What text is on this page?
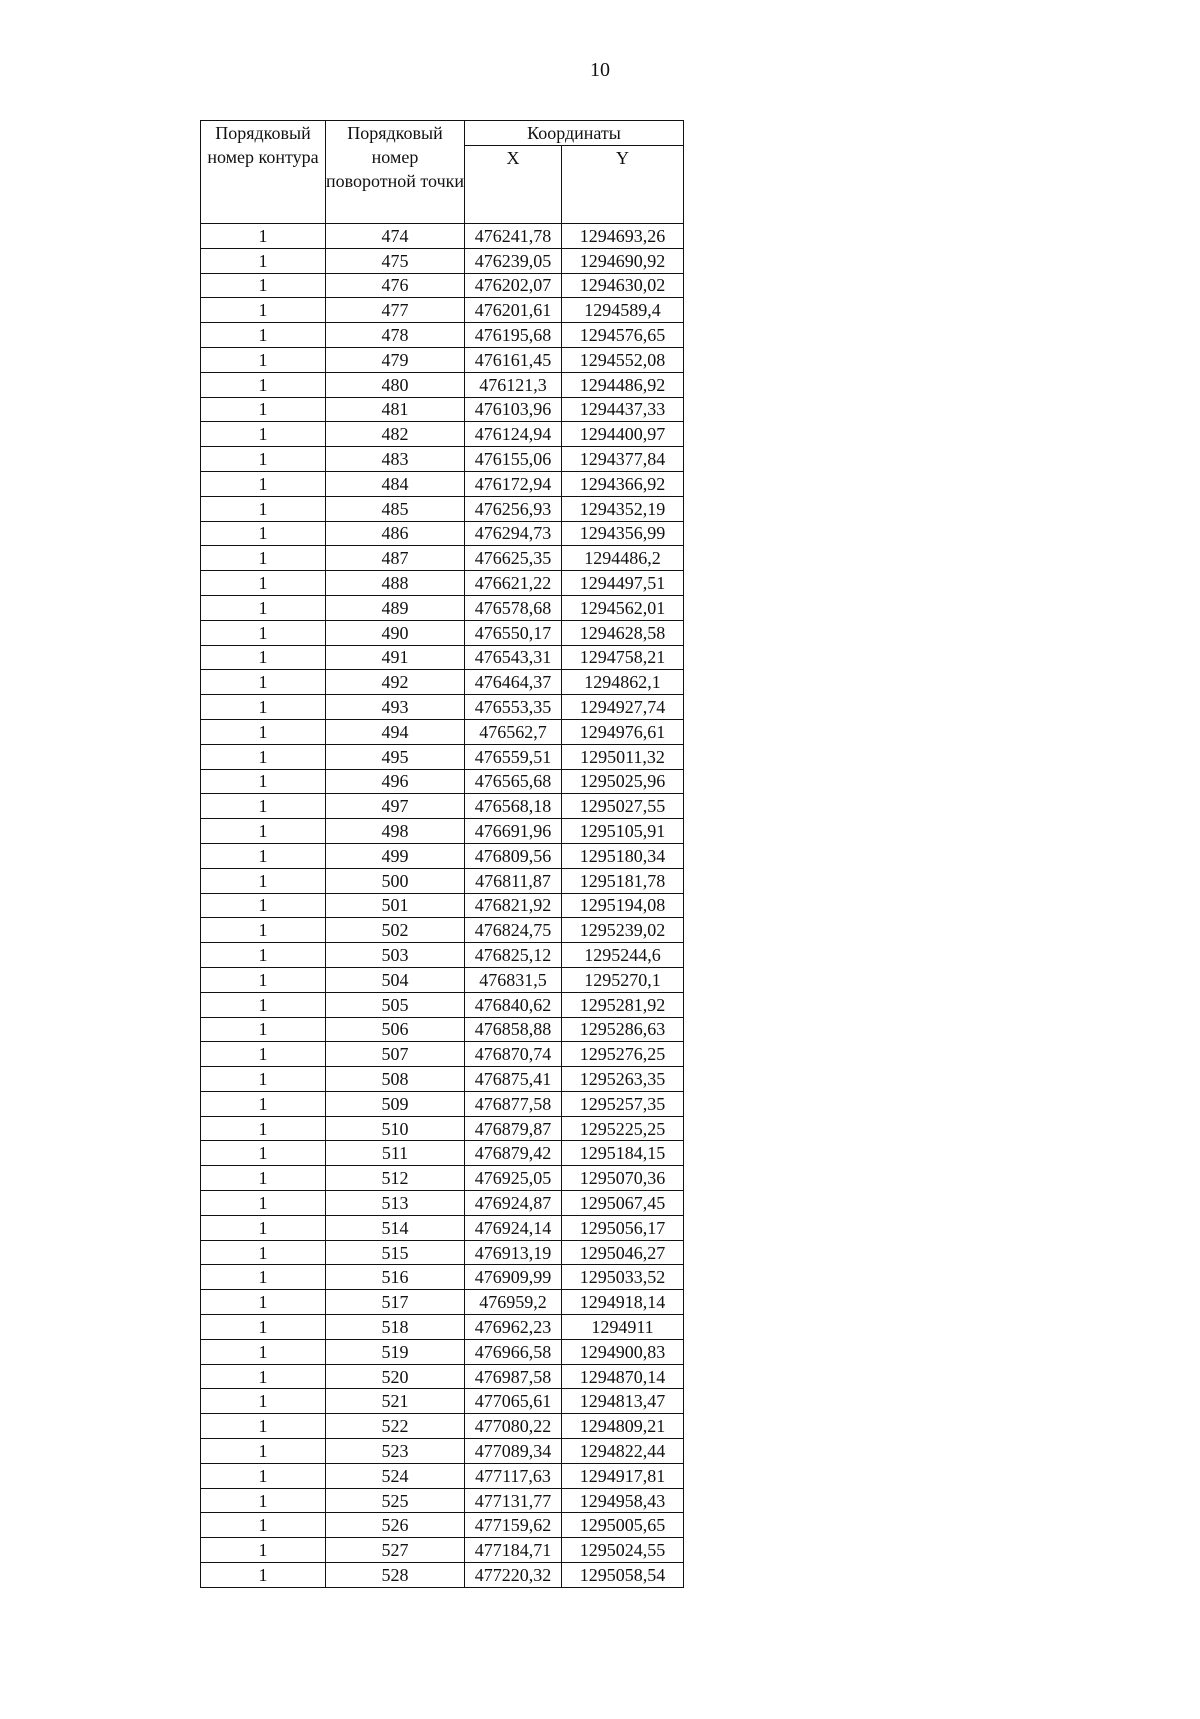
10
Порядковый номер контура	Порядковый номер поворотной точки	Координаты	
		X	Y
1	474	476241,78	1294693,26
1	475	476239,05	1294690,92
1	476	476202,07	1294630,02
1	477	476201,61	1294589,4
1	478	476195,68	1294576,65
1	479	476161,45	1294552,08
1	480	476121,3	1294486,92
1	481	476103,96	1294437,33
1	482	476124,94	1294400,97
1	483	476155,06	1294377,84
1	484	476172,94	1294366,92
1	485	476256,93	1294352,19
1	486	476294,73	1294356,99
1	487	476625,35	1294486,2
1	488	476621,22	1294497,51
1	489	476578,68	1294562,01
1	490	476550,17	1294628,58
1	491	476543,31	1294758,21
1	492	476464,37	1294862,1
1	493	476553,35	1294927,74
1	494	476562,7	1294976,61
1	495	476559,51	1295011,32
1	496	476565,68	1295025,96
1	497	476568,18	1295027,55
1	498	476691,96	1295105,91
1	499	476809,56	1295180,34
1	500	476811,87	1295181,78
1	501	476821,92	1295194,08
1	502	476824,75	1295239,02
1	503	476825,12	1295244,6
1	504	476831,5	1295270,1
1	505	476840,62	1295281,92
1	506	476858,88	1295286,63
1	507	476870,74	1295276,25
1	508	476875,41	1295263,35
1	509	476877,58	1295257,35
1	510	476879,87	1295225,25
1	511	476879,42	1295184,15
1	512	476925,05	1295070,36
1	513	476924,87	1295067,45
1	514	476924,14	1295056,17
1	515	476913,19	1295046,27
1	516	476909,99	1295033,52
1	517	476959,2	1294918,14
1	518	476962,23	1294911
1	519	476966,58	1294900,83
1	520	476987,58	1294870,14
1	521	477065,61	1294813,47
1	522	477080,22	1294809,21
1	523	477089,34	1294822,44
1	524	477117,63	1294917,81
1	525	477131,77	1294958,43
1	526	477159,62	1295005,65
1	527	477184,71	1295024,55
1	528	477220,32	1295058,54
